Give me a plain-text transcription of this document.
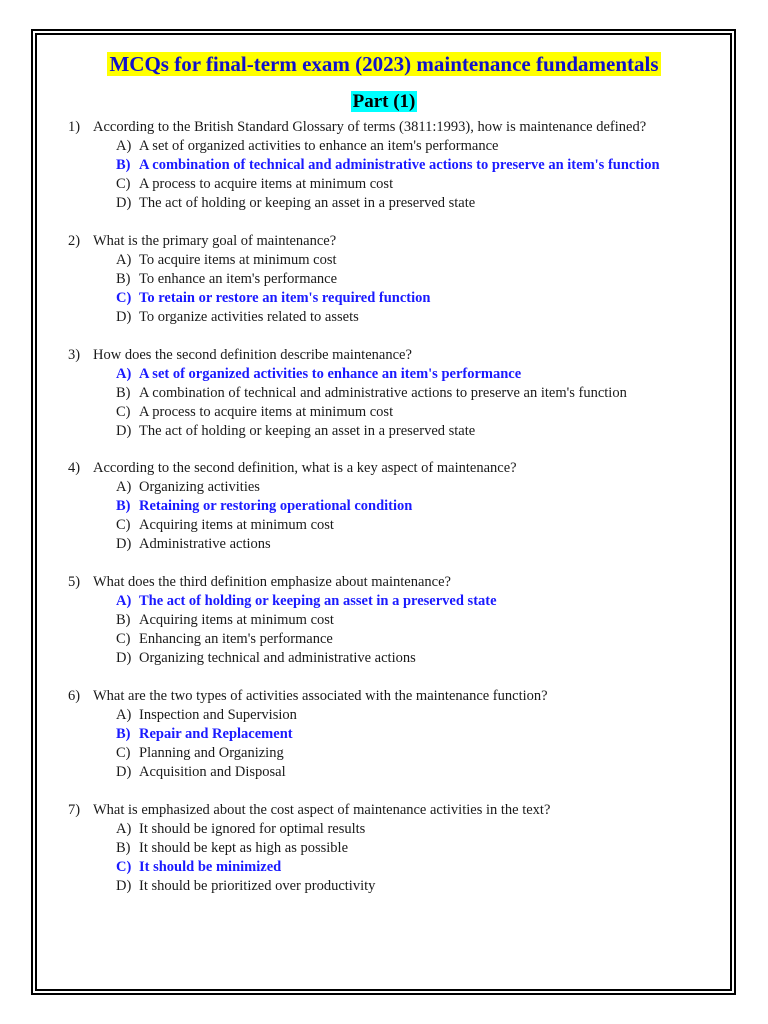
MCQs for final-term exam (2023) maintenance fundamentals
Part (1)
1) According to the British Standard Glossary of terms (3811:1993), how is maintenance defined?
A) A set of organized activities to enhance an item's performance
B) A combination of technical and administrative actions to preserve an item's function
C) A process to acquire items at minimum cost
D) The act of holding or keeping an asset in a preserved state
2) What is the primary goal of maintenance?
A) To acquire items at minimum cost
B) To enhance an item's performance
C) To retain or restore an item's required function
D) To organize activities related to assets
3) How does the second definition describe maintenance?
A) A set of organized activities to enhance an item's performance
B) A combination of technical and administrative actions to preserve an item's function
C) A process to acquire items at minimum cost
D) The act of holding or keeping an asset in a preserved state
4) According to the second definition, what is a key aspect of maintenance?
A) Organizing activities
B) Retaining or restoring operational condition
C) Acquiring items at minimum cost
D) Administrative actions
5) What does the third definition emphasize about maintenance?
A) The act of holding or keeping an asset in a preserved state
B) Acquiring items at minimum cost
C) Enhancing an item's performance
D) Organizing technical and administrative actions
6) What are the two types of activities associated with the maintenance function?
A) Inspection and Supervision
B) Repair and Replacement
C) Planning and Organizing
D) Acquisition and Disposal
7) What is emphasized about the cost aspect of maintenance activities in the text?
A) It should be ignored for optimal results
B) It should be kept as high as possible
C) It should be minimized
D) It should be prioritized over productivity
